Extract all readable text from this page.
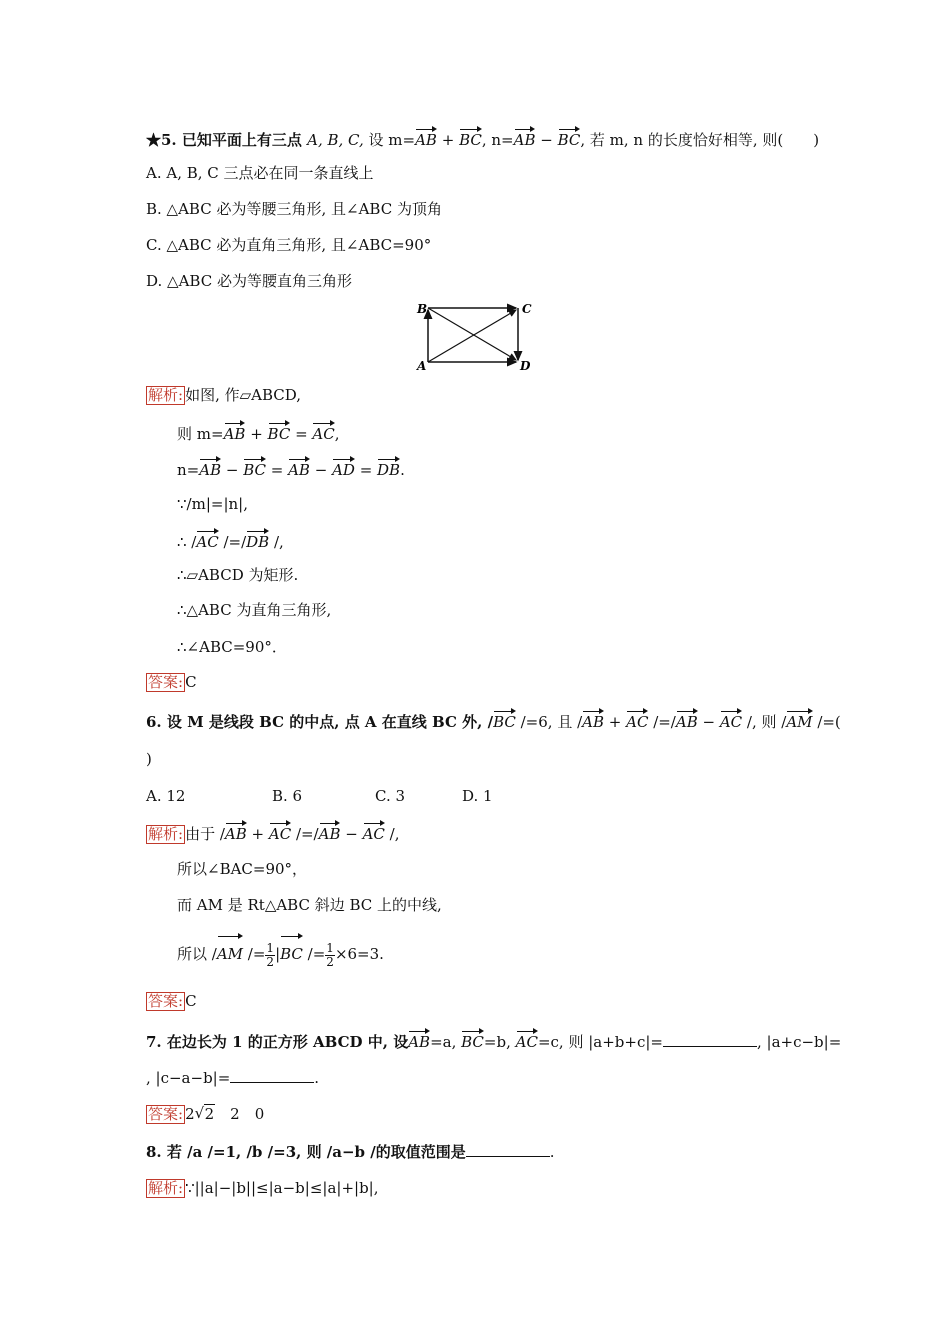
★5. 已知平面上有三点 A, B, C, 设 m=AB + BC, n=AB − BC, 若 m, n 的长度恰好相等, 则(　　)
A. A, B, C 三点必在同一条直线上
B. △ABC 必为等腰三角形, 且∠ABC 为顶角
C. △ABC 必为直角三角形, 且∠ABC=90°
D. △ABC 必为等腰直角三角形
B	C
A	D
解析: 如图, 作▱ABCD,
则 m=AB + BC = AC,
n=AB − BC = AB − AD = DB.
∵/m|=|n|,
∴ /AC /=/DB /,
∴▱ABCD 为矩形.
∴△ABC 为直角三角形,
∴∠ABC=90°．
答案: C
6. 设 M 是线段 BC 的中点, 点 A 在直线 BC 外, /BC /=6, 且 /AB + AC /=/AB − AC /, 则 /AM /=(
)
A. 12	B. 6	C. 3	D. 1
解析: 由于 /AB + AC /=/AB − AC /,
所以∠BAC=90°，
而 AM 是 Rt△ABC 斜边 BC 上的中线,
所以 $/AM /= \frac{1}{2} |BC /= \frac{1}{2} \times 6=3$.
答案: C
7. 在边长为 1 的正方形 ABCD 中, 设AB=a, BC=b, AC=c, 则 |a+b+c|=	, |a+c−b|=
, |c−a−b|=	.
答案: 2√ 2　2　0
8. 若 /a /=1, /b /=3, 则 /a−b /的取值范围是	.
解析: ∵||a|−|b||≤|a−b|≤|a|+|b|,
